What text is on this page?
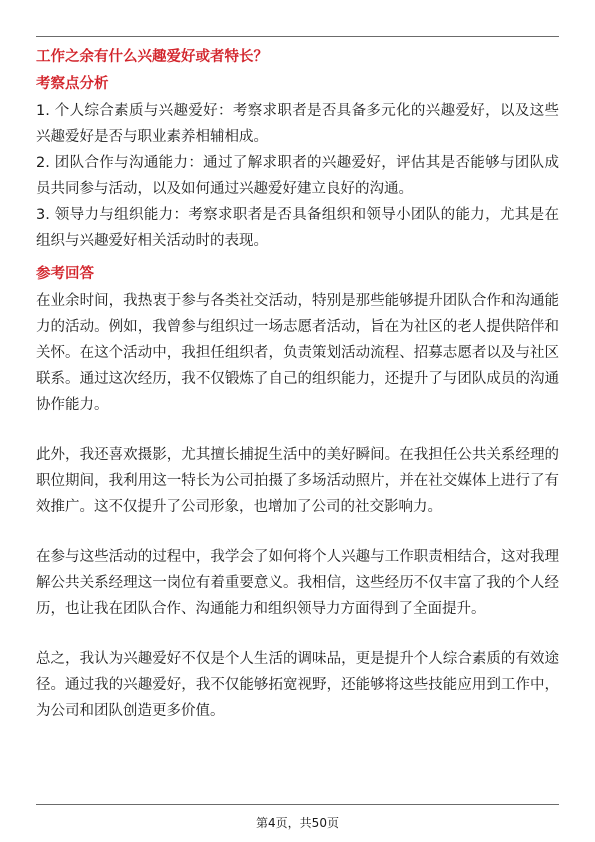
工作之余有什么兴趣爱好或者特长？

考察点分析

1. 个人综合素质与兴趣爱好：考察求职者是否具备多元化的兴趣爱好，以及这些兴趣爱好是否与职业素养相辅相成。

2. 团队合作与沟通能力：通过了解求职者的兴趣爱好，评估其是否能够与团队成员共同参与活动，以及如何通过兴趣爱好建立良好的沟通。

3. 领导力与组织能力：考察求职者是否具备组织和领导小团队的能力，尤其是在组织与兴趣爱好相关活动时的表现。

参考回答

在业余时间，我热衷于参与各类社交活动，特别是那些能够提升团队合作和沟通能力的活动。例如，我曾参与组织过一场志愿者活动，旨在为社区的老人提供陪伴和关怀。在这个活动中，我担任组织者，负责策划活动流程、招募志愿者以及与社区联系。通过这次经历，我不仅锻炼了自己的组织能力，还提升了与团队成员的沟通协作能力。

此外，我还喜欢摄影，尤其擅长捕捉生活中的美好瞬间。在我担任公共关系经理的职位期间，我利用这一特长为公司拍摄了多场活动照片，并在社交媒体上进行了有效推广。这不仅提升了公司形象，也增加了公司的社交影响力。

在参与这些活动的过程中，我学会了如何将个人兴趣与工作职责相结合，这对我理解公共关系经理这一岗位有着重要意义。我相信，这些经历不仅丰富了我的个人经历，也让我在团队合作、沟通能力和组织领导力方面得到了全面提升。

总之，我认为兴趣爱好不仅是个人生活的调味品，更是提升个人综合素质的有效途径。通过我的兴趣爱好，我不仅能够拓宽视野，还能够将这些技能应用到工作中，为公司和团队创造更多价值。

第4页，共50页
